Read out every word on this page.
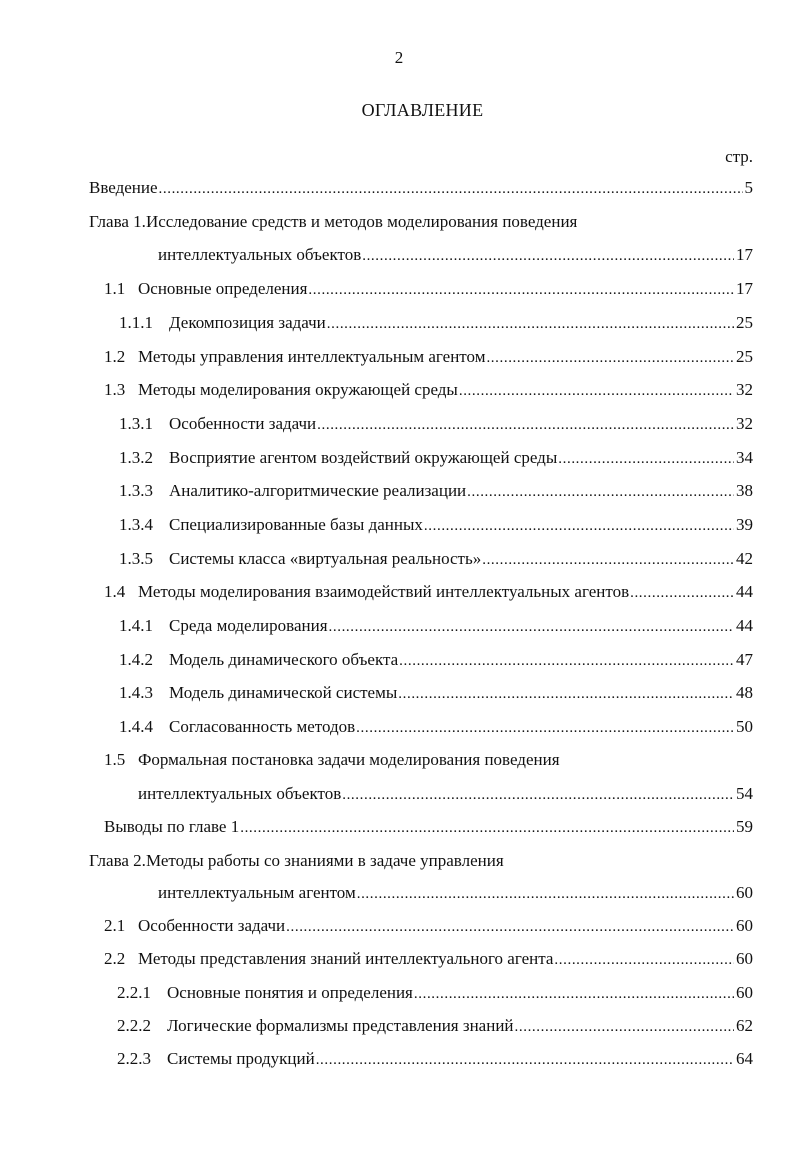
2
ОГЛАВЛЕНИЕ
стр.
Введение .....	5
Глава 1. Исследование средств и методов моделирования поведения
интеллектуальных объектов .....	17
1.1 Основные определения .....	17
1.1.1 Декомпозиция задачи .....	25
1.2 Методы управления интеллектуальным агентом .....	25
1.3 Методы моделирования окружающей среды .....	32
1.3.1 Особенности задачи .....	32
1.3.2 Восприятие агентом воздействий окружающей среды .....	34
1.3.3 Аналитико-алгоритмические реализации .....	38
1.3.4 Специализированные базы данных .....	39
1.3.5 Системы класса «виртуальная реальность» .....	42
1.4 Методы моделирования взаимодействий интеллектуальных агентов .....	44
1.4.1 Среда моделирования .....	44
1.4.2 Модель динамического объекта .....	47
1.4.3 Модель динамической системы .....	48
1.4.4 Согласованность методов .....	50
1.5 Формальная постановка задачи моделирования поведения
интеллектуальных объектов .....	54
Выводы по главе 1 .....	59
Глава 2. Методы работы со знаниями в задаче управления
интеллектуальным агентом .....	60
2.1 Особенности задачи .....	60
2.2 Методы представления знаний интеллектуального агента .....	60
2.2.1 Основные понятия и определения .....	60
2.2.2 Логические формализмы представления знаний .....	62
2.2.3 Системы продукций .....	64
